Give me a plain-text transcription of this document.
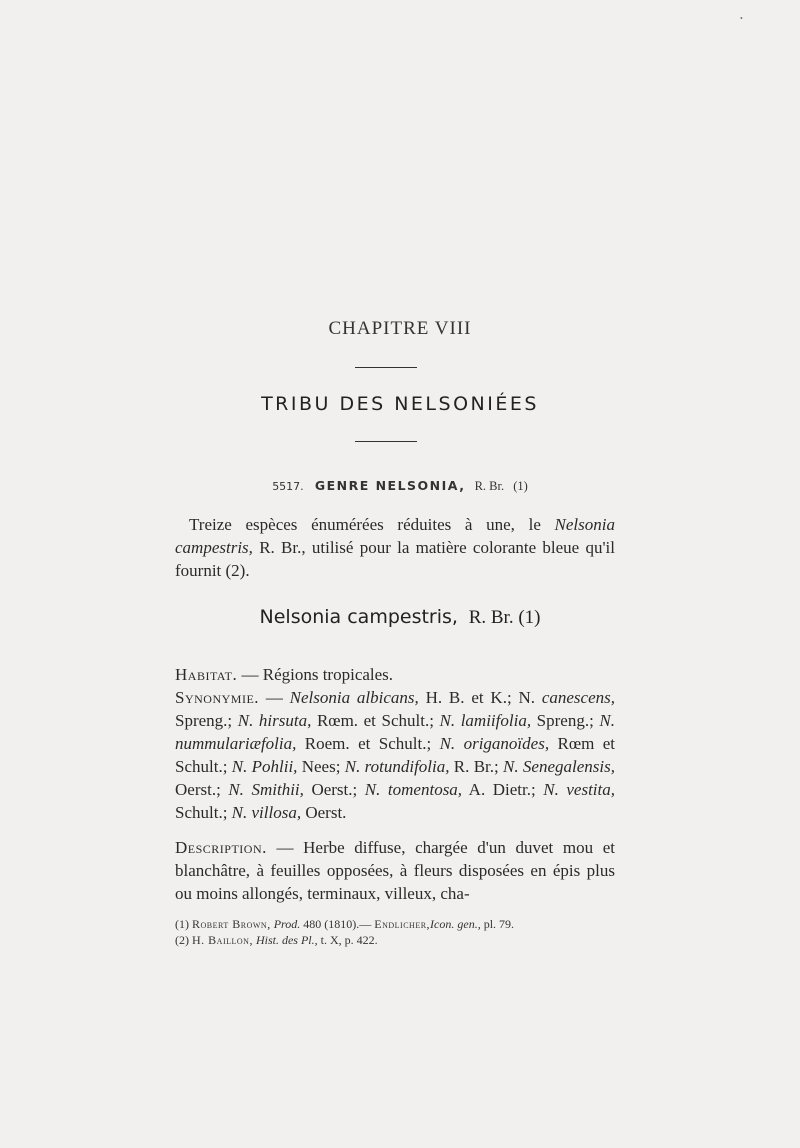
•
CHAPITRE VIII
TRIBU DES NELSONIÉES
5517. GENRE NELSONIA, R. Br. (1)
Treize espèces énumérées réduites à une, le Nelsonia campestris, R. Br., utilisé pour la matière colorante bleue qu'il fournit (2).
Nelsonia campestris, R. Br. (1)
Habitat. — Régions tropicales.
Synonymie. — Nelsonia albicans, H. B. et K.; N. canescens, Spreng.; N. hirsuta, Rœm. et Schult.; N. lamiifolia, Spreng.; N. nummulariæfolia, Roem. et Schult.; N. origanoïdes, Rœm et Schult.; N. Pohlii, Nees; N. rotundifolia, R. Br.; N. Senegalensis, Oerst.; N. Smithii, Oerst.; N. tomentosa, A. Dietr.; N. vestita, Schult.; N. villosa, Oerst.
Description. — Herbe diffuse, chargée d'un duvet mou et blanchâtre, à feuilles opposées, à fleurs disposées en épis plus ou moins allongés, terminaux, villeux, cha-
(1) Robert Brown, Prod. 480 (1810).— Endlicher,Icon. gen., pl. 79.
(2) H. Baillon, Hist. des Pl., t. X, p. 422.
